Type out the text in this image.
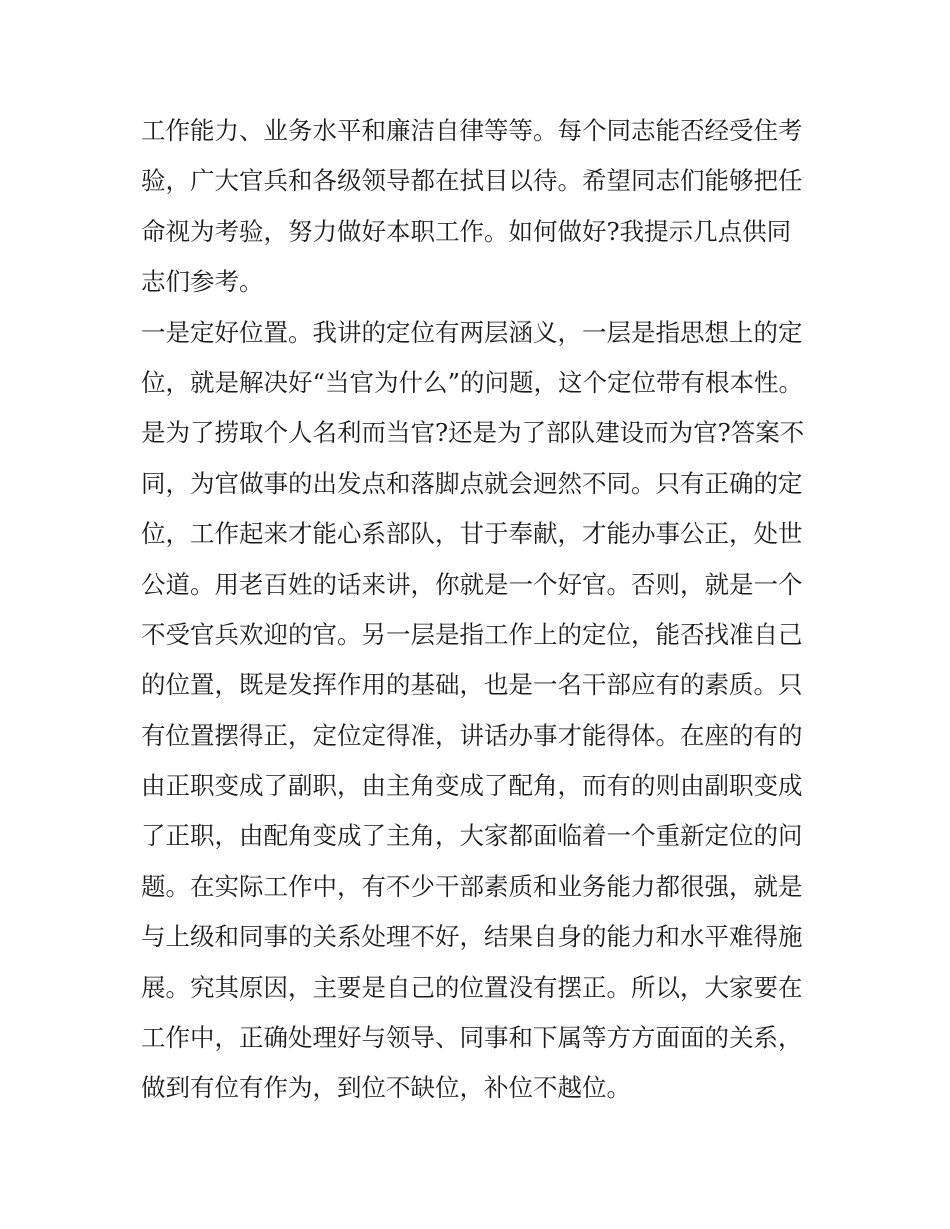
工作能力、业务水平和廉洁自律等等。每个同志能否经受住考
验，广大官兵和各级领导都在拭目以待。希望同志们能够把任
命视为考验，努力做好本职工作。如何做好?我提示几点供同
志们参考。
一是定好位置。我讲的定位有两层涵义，一层是指思想上的定
位，就是解决好“当官为什么”的问题，这个定位带有根本性。
是为了捞取个人名利而当官?还是为了部队建设而为官?答案不
同，为官做事的出发点和落脚点就会迥然不同。只有正确的定
位，工作起来才能心系部队，甘于奉献，才能办事公正，处世
公道。用老百姓的话来讲，你就是一个好官。否则，就是一个
不受官兵欢迎的官。另一层是指工作上的定位，能否找准自己
的位置，既是发挥作用的基础，也是一名干部应有的素质。只
有位置摆得正，定位定得准，讲话办事才能得体。在座的有的
由正职变成了副职，由主角变成了配角，而有的则由副职变成
了正职，由配角变成了主角，大家都面临着一个重新定位的问
题。在实际工作中，有不少干部素质和业务能力都很强，就是
与上级和同事的关系处理不好，结果自身的能力和水平难得施
展。究其原因，主要是自己的位置没有摆正。所以，大家要在
工作中，正确处理好与领导、同事和下属等方方面面的关系，
做到有位有作为，到位不缺位，补位不越位。
